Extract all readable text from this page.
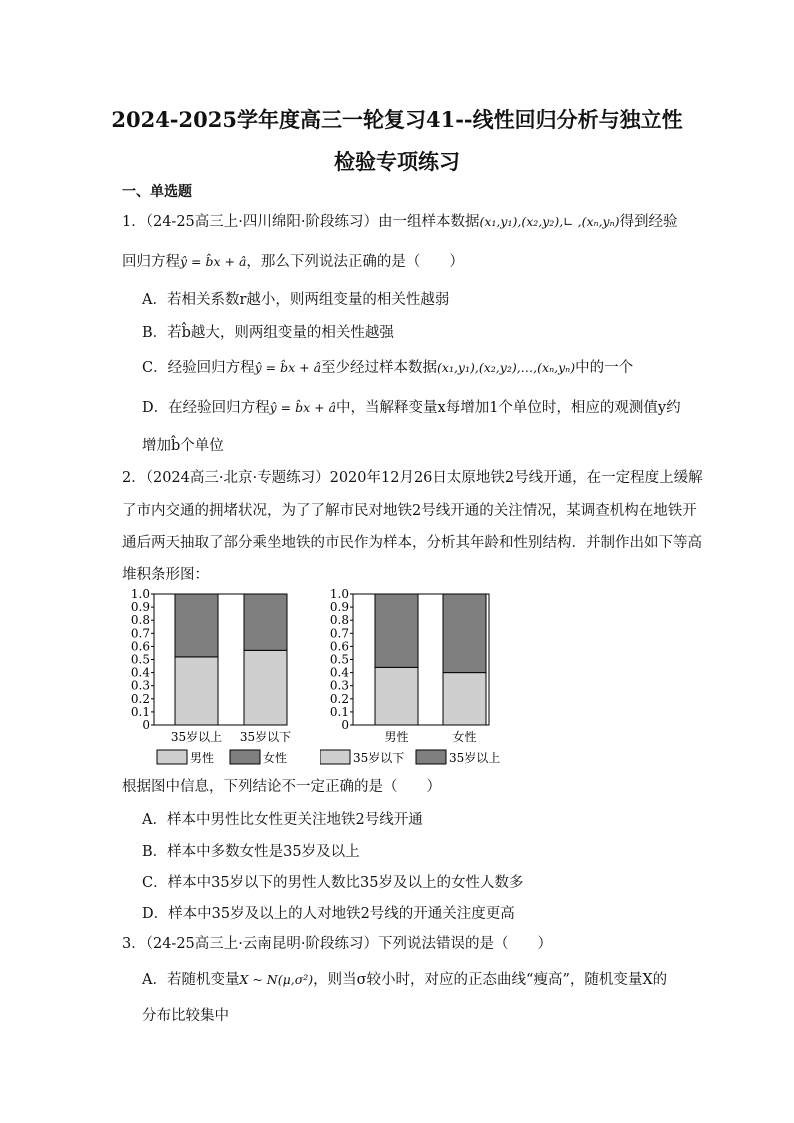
2024-2025学年度高三一轮复习41--线性回归分析与独立性
检验专项练习
一、单选题
1．（24-25高三上·四川绵阳·阶段练习）由一组样本数据(x₁,y₁),(x₂,y₂),∟ ,(xₙ,yₙ)得到经验
回归方程ŷ = b̂x + â，那么下列说法正确的是（　　）
A．若相关系数r越小，则两组变量的相关性越弱
B．若b̂越大，则两组变量的相关性越强
C．经验回归方程ŷ = b̂x + â至少经过样本数据(x₁,y₁),(x₂,y₂),…,(xₙ,yₙ)中的一个
D．在经验回归方程ŷ = b̂x + â中，当解释变量x每增加1个单位时，相应的观测值y约
增加b̂个单位
2．（2024高三·北京·专题练习）2020年12月26日太原地铁2号线开通，在一定程度上缓解
了市内交通的拥堵状况，为了了解市民对地铁2号线开通的关注情况，某调查机构在地铁开
通后两天抽取了部分乘坐地铁的市民作为样本，分析其年龄和性别结构．并制作出如下等高
堆积条形图：
0
0.1
0.2
0.3
0.4
0.5
0.6
0.7
0.8
0.9
1.0
35岁以上 35岁以下
男性	女性
0
0.1
0.2
0.3
0.4
0.5
0.6
0.7
0.8
0.9
1.0
男性	女性
35岁以下	35岁以上
根据图中信息，下列结论不一定正确的是（　　）
A．样本中男性比女性更关注地铁2号线开通
B．样本中多数女性是35岁及以上
C．样本中35岁以下的男性人数比35岁及以上的女性人数多
D．样本中35岁及以上的人对地铁2号线的开通关注度更高
3．（24-25高三上·云南昆明·阶段练习）下列说法错误的是（　　）
A．若随机变量X ~ N(μ,σ²)，则当σ较小时，对应的正态曲线“瘦高”，随机变量X的
分布比较集中
